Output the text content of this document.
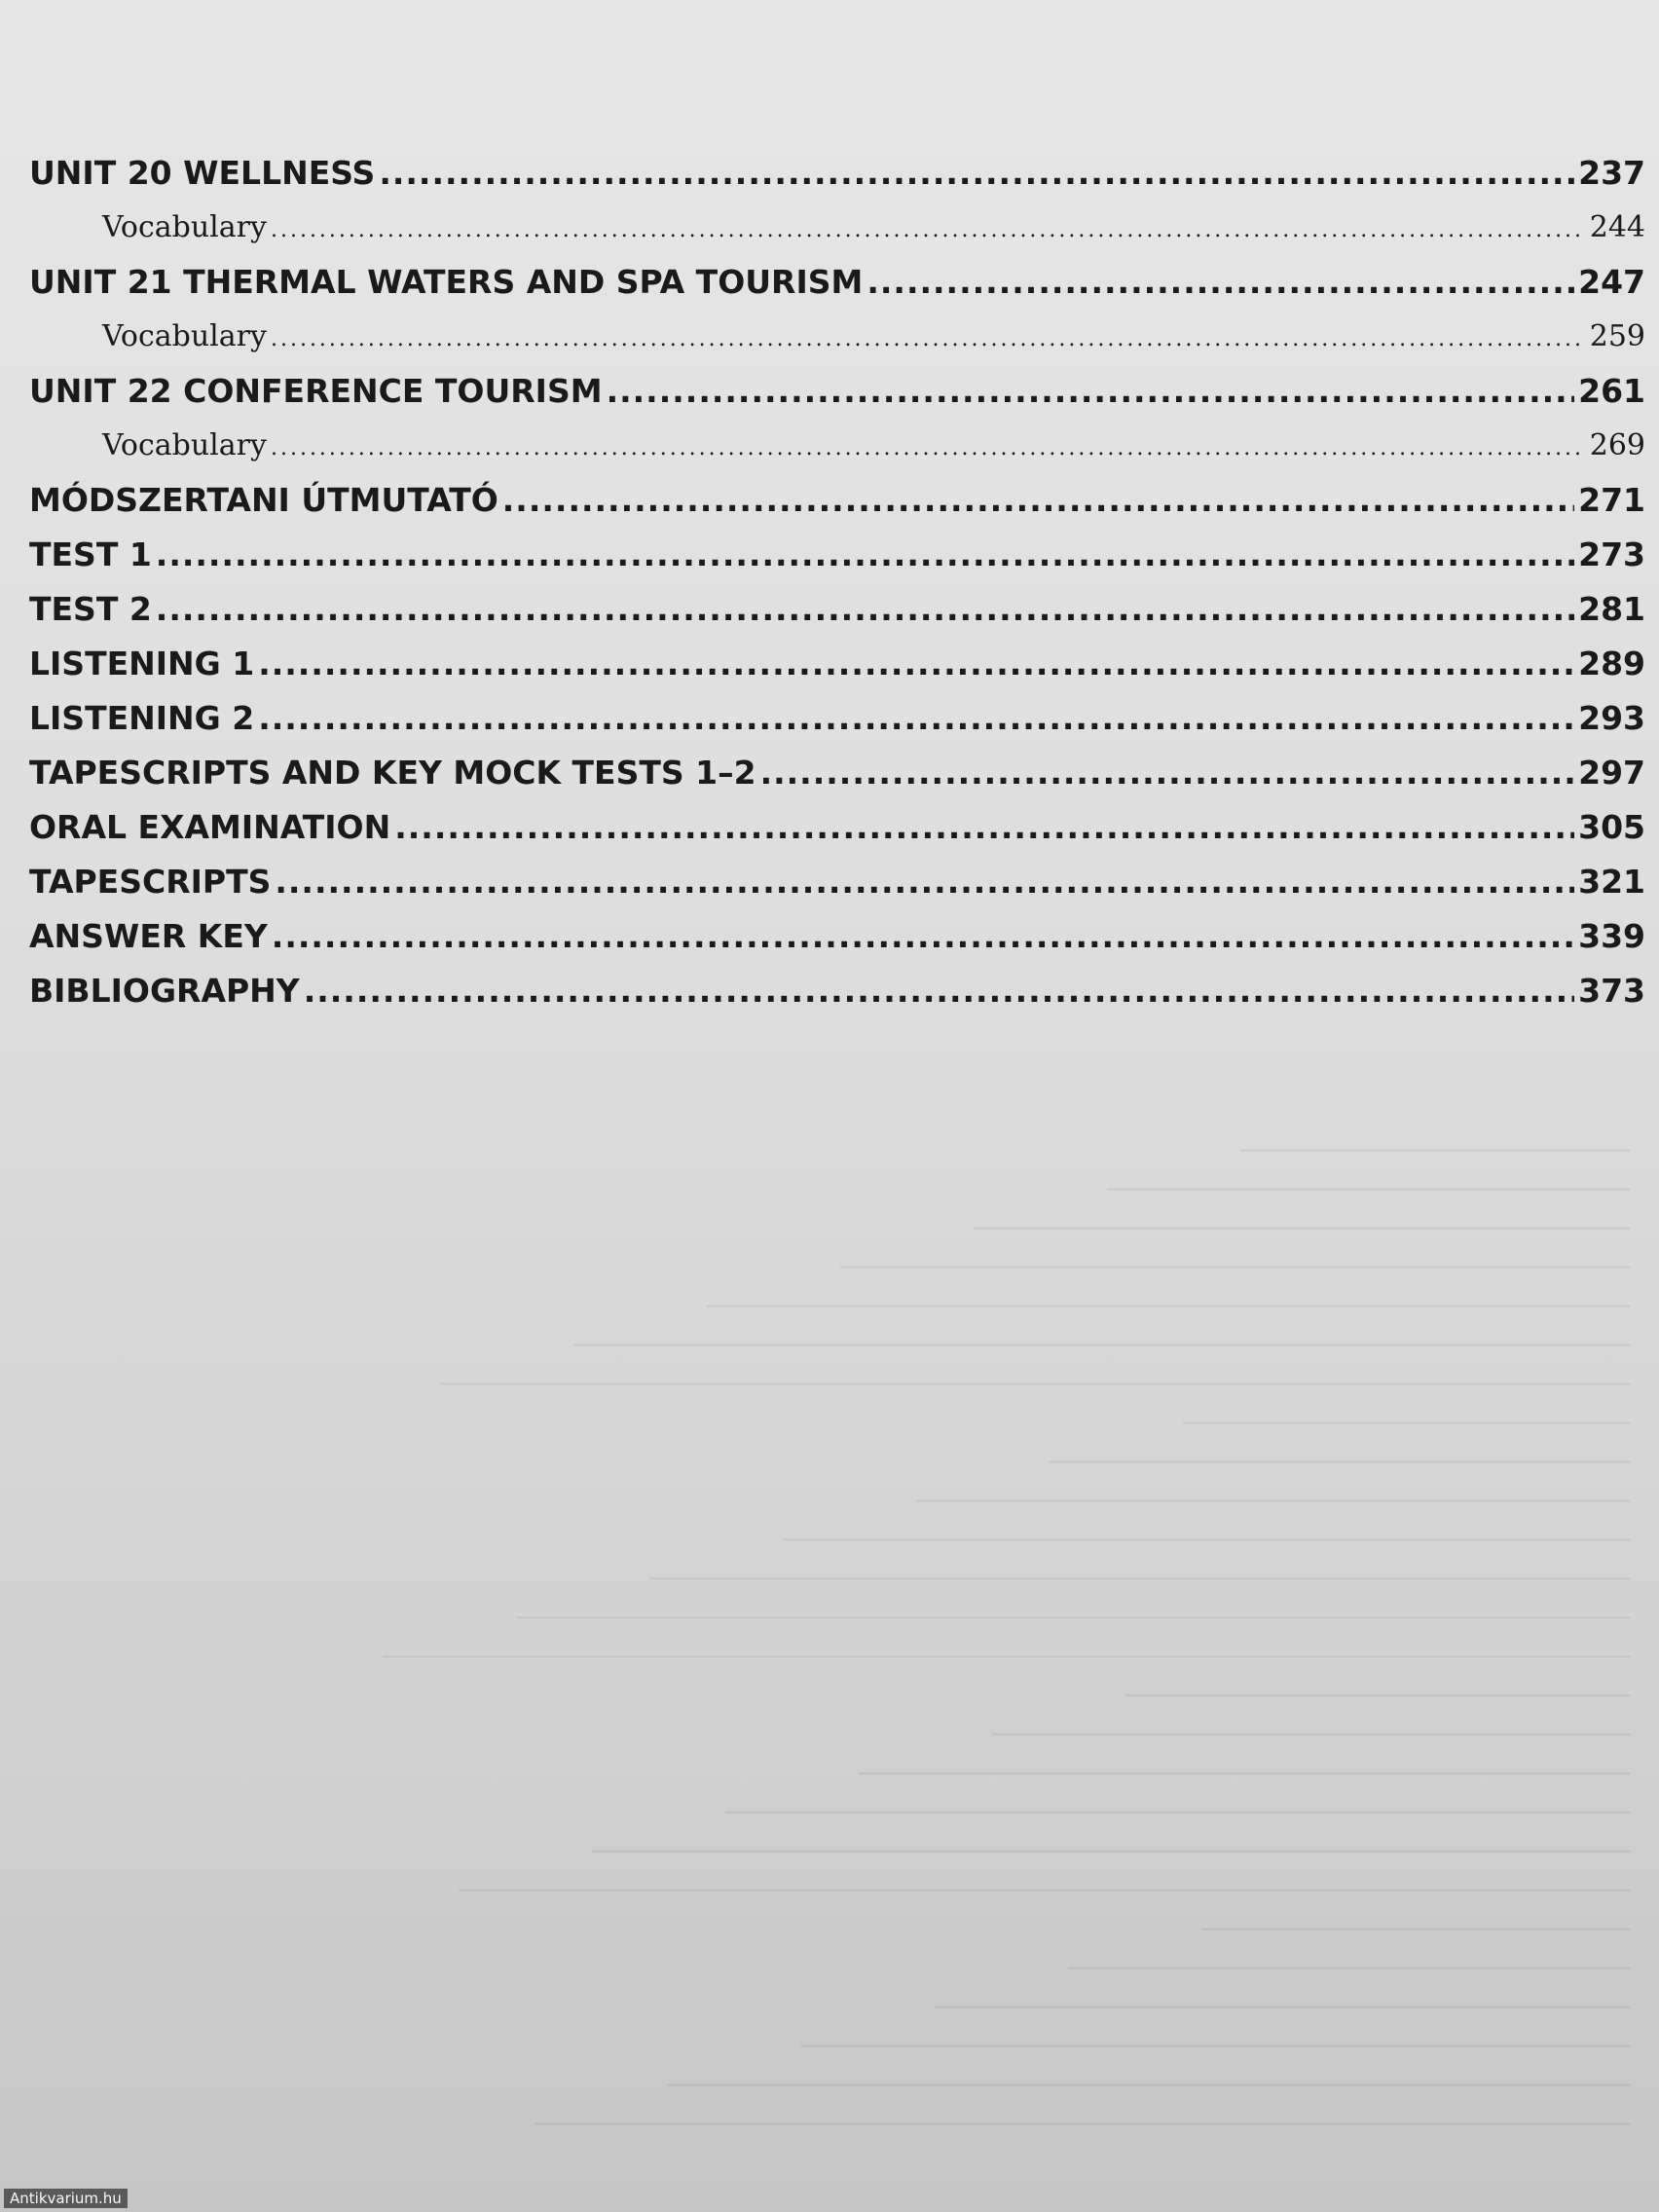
UNIT 20 WELLNESS .....	237
Vocabulary .....	244
UNIT 21 THERMAL WATERS AND SPA TOURISM .....	247
Vocabulary .....	259
UNIT 22 CONFERENCE TOURISM .....	261
Vocabulary .....	269
MÓDSZERTANI ÚTMUTATÓ .....	271
TEST 1 .....	273
TEST 2 .....	281
LISTENING 1 .....	289
LISTENING 2 .....	293
TAPESCRIPTS AND KEY MOCK TESTS 1–2 .....	297
ORAL EXAMINATION .....	305
TAPESCRIPTS .....	321
ANSWER KEY .....	339
BIBLIOGRAPHY .....	373
Antikvarium.hu
